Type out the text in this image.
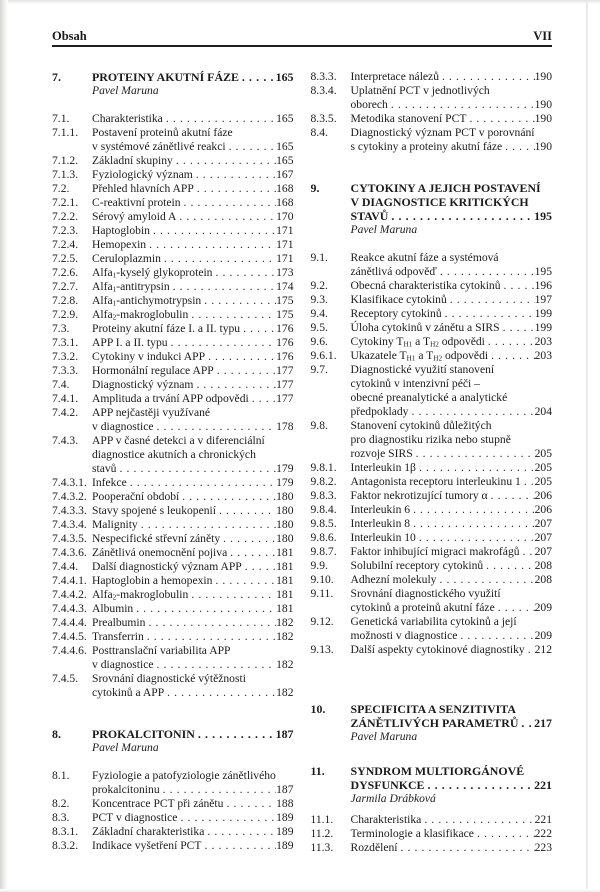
Obsah	VII
7.	PROTEINY AKUTNÍ FÁZE . . .	165
Pavel Maruna
7.1.	Charakteristika . . .	165
7.1.1.	Postavení proteinů akutní fáze
v systémové zánětlivé reakci . . .	165
7.1.2.	Základní skupiny . . .	165
7.1.3.	Fyziologický význam . . .	167
7.2.	Přehled hlavních APP . . .	168
7.2.1.	C-reaktivní protein . . .	168
7.2.2.	Sérový amyloid A . . .	170
7.2.3.	Haptoglobin . . .	171
7.2.4.	Hemopexin . . .	171
7.2.5.	Ceruloplazmin . . .	171
7.2.6.	Alfa$_1$-kyselý glykoprotein . . .	173
7.2.7.	Alfa$_1$-antitrypsin . . .	174
7.2.8.	Alfa$_1$-antichymotrypsin . . .	175
7.2.9.	Alfa$_2$-makroglobulin . . .	175
7.3.	Proteiny akutní fáze I. a II. typu . . .	176
7.3.1.	APP I. a II. typu . . .	176
7.3.2.	Cytokiny v indukci APP . . .	176
7.3.3.	Hormonální regulace APP . . .	177
7.4.	Diagnostický význam . . .	177
7.4.1.	Amplituda a trvání APP odpovědi . . . 177
7.4.2.	APP nejčastěji využívané
v diagnostice . . .	178
7.4.3.	APP v časné detekci a v diferenciální
diagnostice akutních a chronických
stavů . . .	179
7.4.3.1. Infekce . . .	179
7.4.3.2. Pooperační období . . .	180
7.4.3.3. Stavy spojené s leukopenií . . .	180
7.4.3.4. Malignity . . .	180
7.4.3.5. Nespecifické střevní záněty . . .	180
7.4.3.6. Zánětlivá onemocnění pojiva . . .	181
7.4.4.	Další diagnostický význam APP . . .	181
7.4.4.1. Haptoglobin a hemopexin . . .	181
7.4.4.2. Alfa$_2$-makroglobulin . . .	181
7.4.4.3. Albumin . . .	181
7.4.4.4. Prealbumin . . .	182
7.4.4.5. Transferrin . . .	182
7.4.4.6. Posttranslační variabilita APP
v diagnostice . . .	182
7.4.5.	Srovnání diagnostické výtěžnosti
cytokinů a APP . . .	182
8.	PROKALCITONIN . . .	187
Pavel Maruna
8.1.	Fyziologie a patofyziologie zánětlivého
prokalcitoninu . . .	187
8.2.	Koncentrace PCT při zánětu . . .	188
8.3.	PCT v diagnostice . . .	189
8.3.1.	Základní charakteristika . . .	189
8.3.2.	Indikace vyšetření PCT . . .	189
8.3.3.	Interpretace nálezů . . .	190
8.3.4.	Uplatnění PCT v jednotlivých
oborech . . .	190
8.3.5.	Metodika stanovení PCT . . .	190
8.4.	Diagnostický význam PCT v porovnání
s cytokiny a proteiny akutní fáze . . .	190
9.	CYTOKINY A JEJICH POSTAVENÍ
V DIAGNOSTICE KRITICKÝCH
STAVŮ . . .	195
Pavel Maruna
9.1.	Reakce akutní fáze a systémová
zánětlivá odpověď . . .	195
9.2.	Obecná charakteristika cytokinů . . .	196
9.3.	Klasifikace cytokinů . . .	197
9.4.	Receptory cytokinů . . .	199
9.5.	Úloha cytokinů v zánětu a SIRS . . .	199
9.6.	Cytokiny $T_{H1}$ a $T_{H2}$ odpovědi . . .	203
9.6.1.	Ukazatele $T_{H1}$ a $T_{H2}$ odpovědi . . .	203
9.7.	Diagnostické využití stanovení
cytokinů v intenzivní péči –
obecné preanalytické a analytické
předpoklady . . .	204
9.8.	Stanovení cytokinů důležitých
pro diagnostiku rizika nebo stupně
rozvoje SIRS . . .	205
9.8.1.	Interleukin 1β . . .	205
9.8.2.	Antagonista receptoru interleukinu 1 . . . 205
9.8.3.	Faktor nekrotizující tumory α . . .	206
9.8.4.	Interleukin 6 . . .	206
9.8.5.	Interleukin 8 . . .	207
9.8.6.	Interleukin 10 . . .	207
9.8.7.	Faktor inhibující migraci makrofágů . . . 207
9.9.	Solubilní receptory cytokinů . . .	208
9.10.	Adhezní molekuly . . .	208
9.11.	Srovnání diagnostického využití
cytokinů a proteinů akutní fáze . . .	209
9.12.	Genetická variabilita cytokinů a její
možnosti v diagnostice . . .	209
9.13.	Další aspekty cytokinové diagnostiky . . . 212
10.	SPECIFICITA A SENZITIVITA
ZÁNĚTLIVÝCH PARAMETRŮ . . . 217
Pavel Maruna
11.	SYNDROM MULTIORGÁNOVÉ
DYSFUNKCE . . .	221
Jarmila Drábková
11.1.	Charakteristika . . .	221
11.2.	Terminologie a klasifikace . . .	222
11.3.	Rozdělení . . .	223
